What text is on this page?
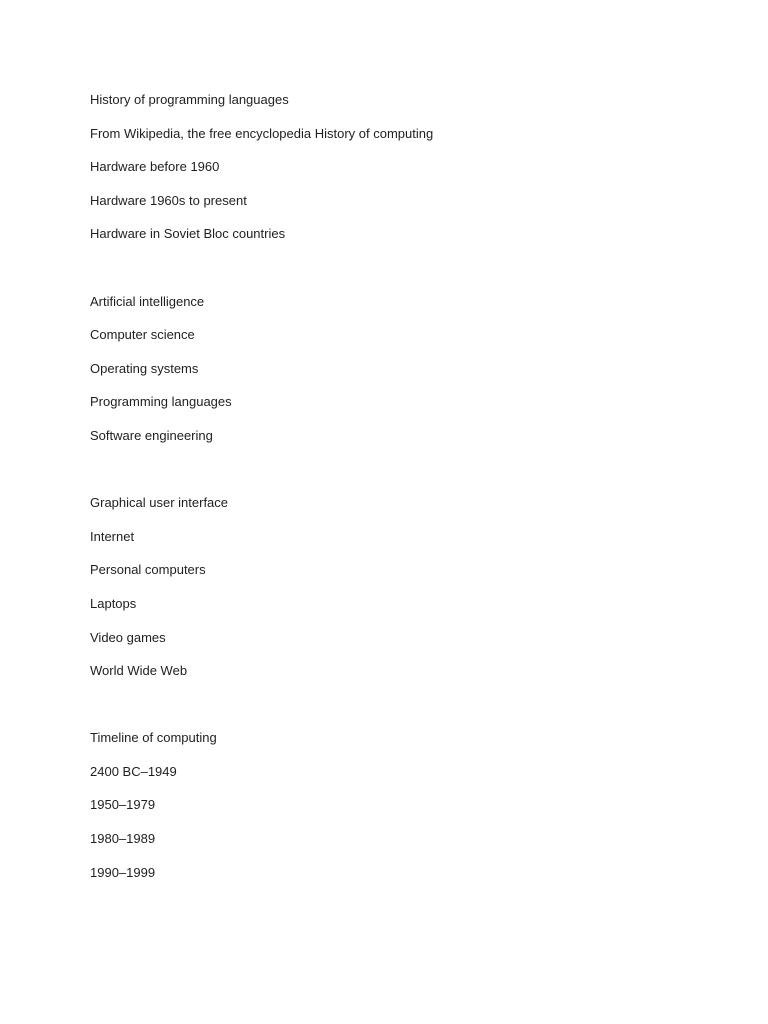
History of programming languages
From Wikipedia, the free encyclopedia History of computing
Hardware before 1960
Hardware 1960s to present
Hardware in Soviet Bloc countries
Artificial intelligence
Computer science
Operating systems
Programming languages
Software engineering
Graphical user interface
Internet
Personal computers
Laptops
Video games
World Wide Web
Timeline of computing
2400 BC–1949
1950–1979
1980–1989
1990–1999
